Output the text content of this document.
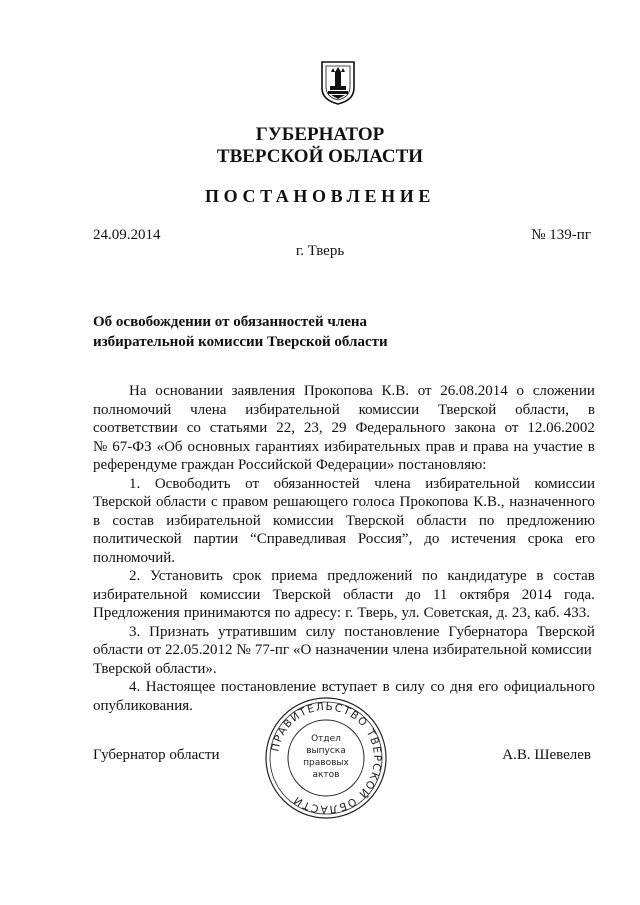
ГУБЕРНАТОР
ТВЕРСКОЙ ОБЛАСТИ
ПОСТАНОВЛЕНИЕ
24.09.2014	№ 139-пг
г. Тверь
Об освобождении от обязанностей члена
избирательной комиссии Тверской области
На основании заявления Прокопова К.В. от 26.08.2014 о сложении
полномочий члена избирательной комиссии Тверской области, в
соответствии со статьями 22, 23, 29 Федерального закона от 12.06.2002
№ 67-ФЗ «Об основных гарантиях избирательных прав и права на участие в
референдуме граждан Российской Федерации» постановляю:
1. Освободить от обязанностей члена избирательной комиссии
Тверской области с правом решающего голоса Прокопова К.В., назначенного
в состав избирательной комиссии Тверской области по предложению
политической партии “Справедливая Россия”, до истечения срока его
полномочий.
2. Установить срок приема предложений по кандидатуре в состав
избирательной комиссии Тверской области до 11 октября 2014 года.
Предложения принимаются по адресу: г. Тверь, ул. Советская, д. 23, каб. 433.
3. Признать утратившим силу постановление Губернатора Тверской
области от 22.05.2012 № 77-пг «О назначении члена избирательной комиссии
Тверской области».
4. Настоящее постановление вступает в силу со дня его официального
опубликования.
Губернатор области	А.В. Шевелев
ПРАВИТЕЛЬСТВО ТВЕРСКОЙ ОБЛАСТИ
Отдел выпуска правовых актов
